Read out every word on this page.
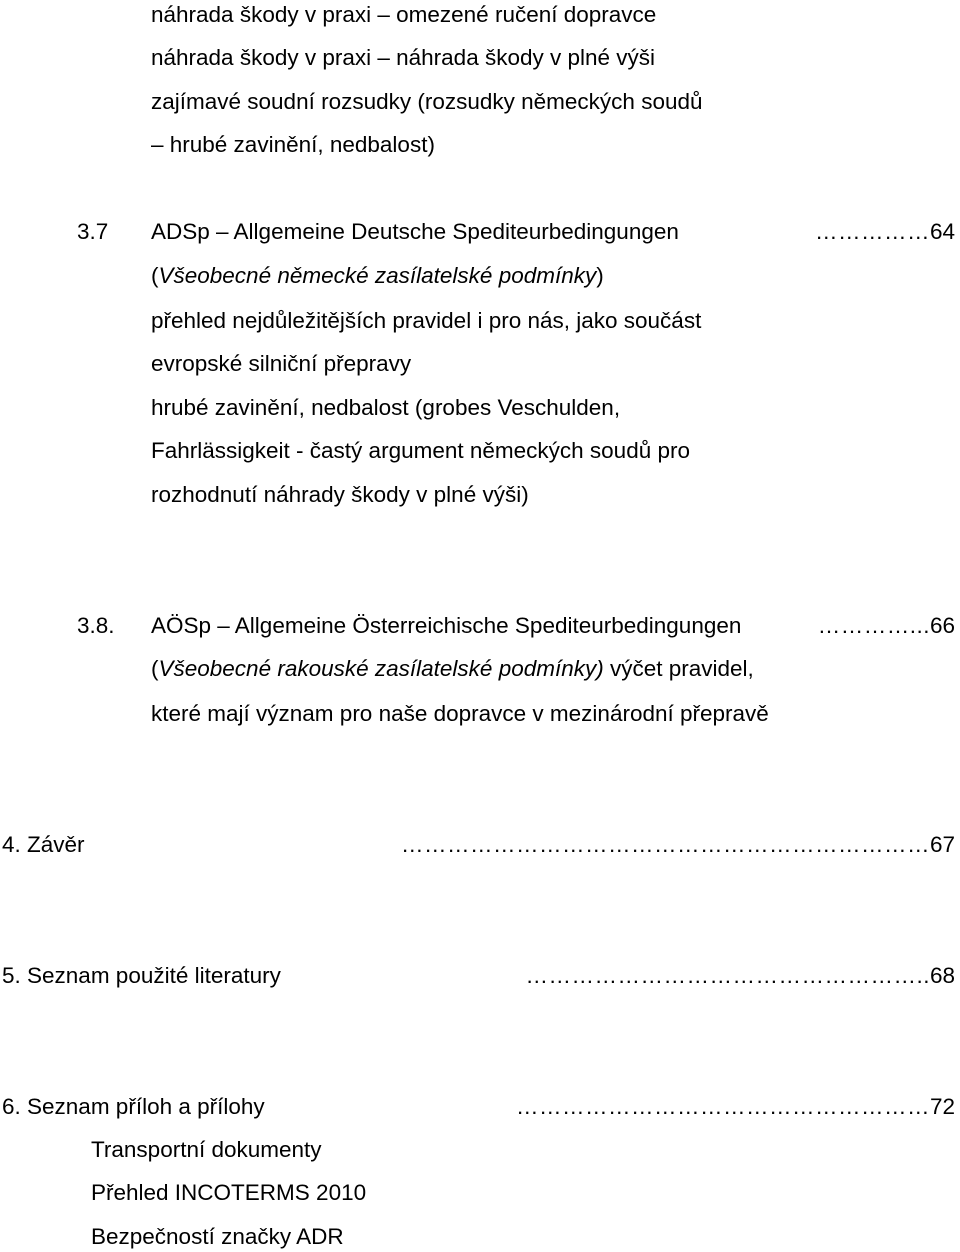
náhrada škody v praxi – omezené ručení dopravce
náhrada škody v praxi – náhrada škody v plné výši
zajímavé soudní rozsudky (rozsudky německých soudů
– hrubé zavinění, nedbalost)
3.7 ADSp – Allgemeine Deutsche Spediteurbedingungen	…………… 64
(Všeobecné německé zasílatelské podmínky)
přehled nejdůležitějších pravidel i pro nás, jako součást
evropské silniční přepravy
hrubé zavinění, nedbalost (grobes Veschulden,
Fahrlässigkeit - častý argument německých soudů pro
rozhodnutí náhrady škody v plné výši)
3.8. AÖSp – Allgemeine Österreichische Spediteurbedingungen	…………... 66
(Všeobecné rakouské zasílatelské podmínky) výčet pravidel,
které mají význam pro naše dopravce v mezinárodní přepravě
4. Závěr	…………………………………………………………… 67
5. Seznam použité literatury	…………………………………………….. 68
6. Seznam příloh a přílohy	……………………………………………… 72
Transportní dokumenty
Přehled INCOTERMS 2010
Bezpečností značky ADR
